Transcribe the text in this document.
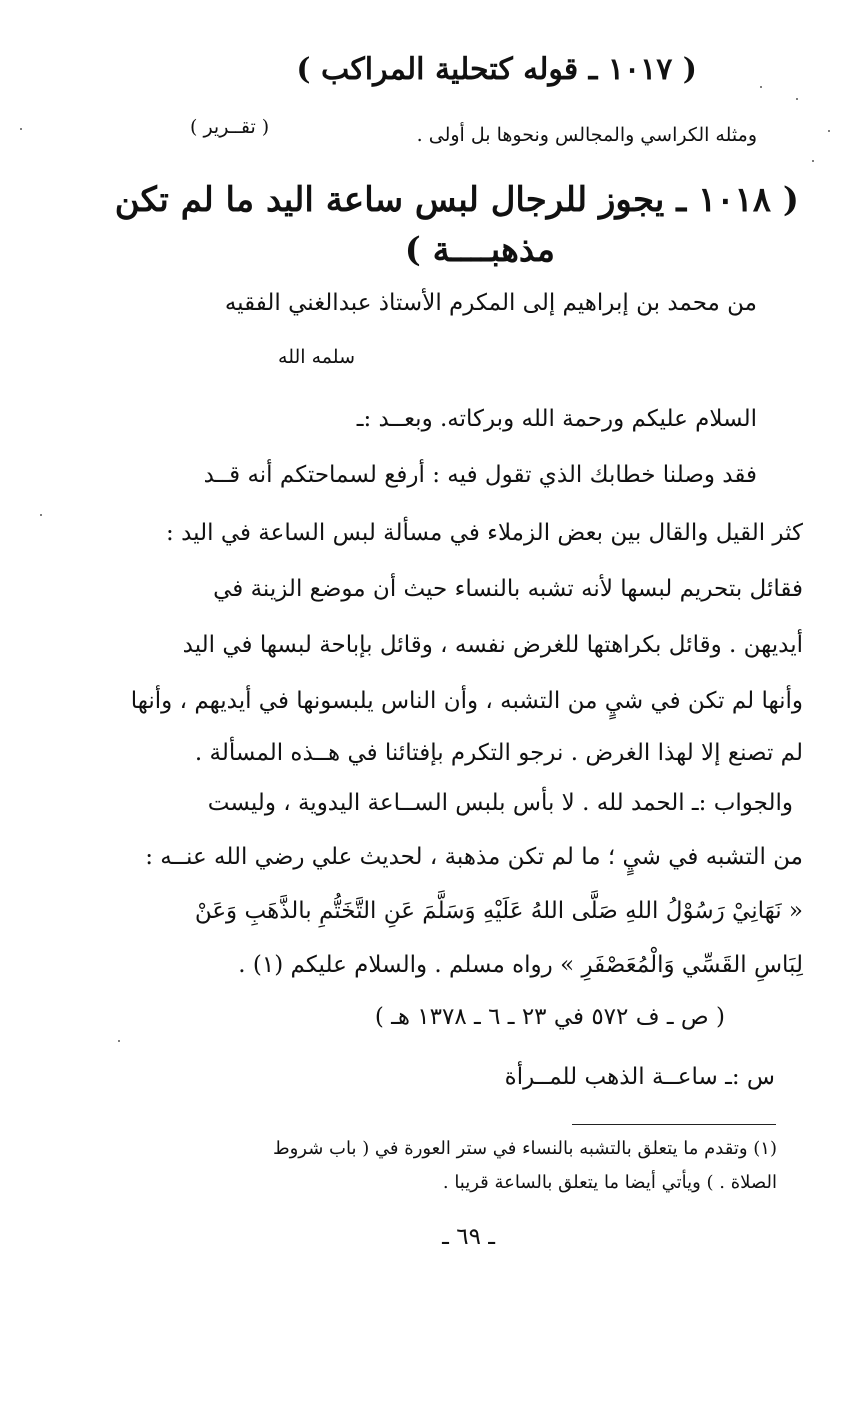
( ١٠١٧ ـ قوله كتحلية المراكب )
ومثله الكراسي والمجالس ونحوها بل أولى .
( تقــرير )
( ١٠١٨ ـ يجوز للرجال لبس ساعة اليد ما لم تكن
مذهبــــة )
من محمد بن إبراهيم إلى المكرم الأستاذ عبدالغني الفقيه
سلمه الله
السلام عليكم ورحمة الله وبركاته. وبعــد :ـ
فقد وصلنا خطابك الذي تقول فيه : أرفع لسماحتكم أنه قــد
كثر القيل والقال بين بعض الزملاء في مسألة لبس الساعة في اليد :
فقائل بتحريم لبسها لأنه تشبه بالنساء حيث أن موضع الزينة في
أيديهن . وقائل بكراهتها للغرض نفسه ، وقائل بإباحة لبسها في اليد
وأنها لم تكن في شيٍ من التشبه ، وأن الناس يلبسونها في أيديهم ، وأنها
لم تصنع إلا لهذا الغرض . نرجو التكرم بإفتائنا في هــذه المسألة .
والجواب :ـ الحمد لله . لا بأس بلبس الســاعة اليدوية ، وليست
من التشبه في شيٍ ؛ ما لم تكن مذهبة ، لحديث علي رضي الله عنــه :
« نَهَانِيْ رَسُوْلُ اللهِ صَلَّى اللهُ عَلَيْهِ وَسَلَّمَ عَنِ التَّخَتُّمِ بالذَّهَبِ وَعَنْ
لِبَاسِ القَسِّي وَالْمُعَصْفَرِ » رواه مسلم . والسلام عليكم (١) .
( ص ـ ف ٥٧٢ في ٢٣ ـ ٦ ـ ١٣٧٨ هـ )
س :ـ ساعــة الذهب للمــرأة
(١) وتقدم ما يتعلق بالتشبه بالنساء في ستر العورة في ( باب شروط
الصلاة . ) ويأتي أيضا ما يتعلق بالساعة قريبا .
ـ ٦٩ ـ
